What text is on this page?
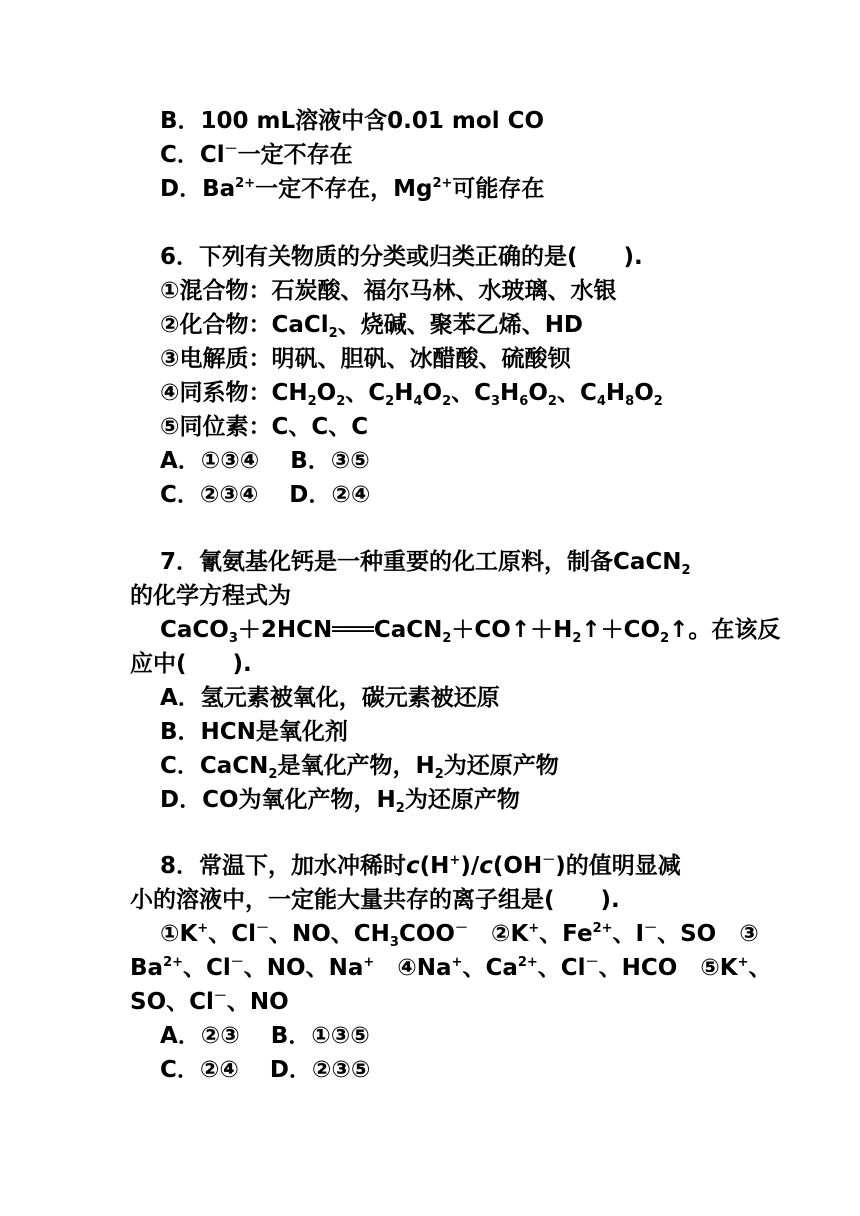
B．100 mL溶液中含0.01 mol CO
C．Cl－一定不存在
D．$Ba^{2+}$一定不存在，$Mg^{2+}$可能存在
6．下列有关物质的分类或归类正确的是(　　).
①混合物：石炭酸、福尔马林、水玻璃、水银
②化合物：CaCl$_2$、烧碱、聚苯乙烯、HD
③电解质：明矾、胆矾、冰醋酸、硫酸钡
④同系物：$CH_2O_2$、$C_2H_4O_2$、$C_3H_6O_2$、$C_4H_8O_2$
⑤同位素：C、C、C
A．①③④　 B．③⑤
C．②③④　 D．②④
7．氰氨基化钙是一种重要的化工原料，制备CaCN$_2$
的化学方程式为
$CaCO_3+2HCN═══CaCN_2+CO↑+H_2↑+CO_2↑$。在该反
应中(　　).
A．氢元素被氧化，碳元素被还原
B．HCN是氧化剂
C．CaCN$_2$是氧化产物，$H_2$为还原产物
D．CO为氧化产物，$H_2$为还原产物
8．常温下，加水冲稀时c(H+)/c(OH－)的值明显减
小的溶液中，一定能大量共存的离子组是(　　).
①K+、Cl－、NO、$CH_3COO^-$　②K+、$Fe^{2+}$、I－、SO　③
$Ba^{2+}$、Cl－、NO、Na+　④Na+、$Ca^{2+}$、Cl－、HCO　⑤K+、
SO、Cl－、NO
A．②③　 B．①③⑤
C．②④　 D．②③⑤
